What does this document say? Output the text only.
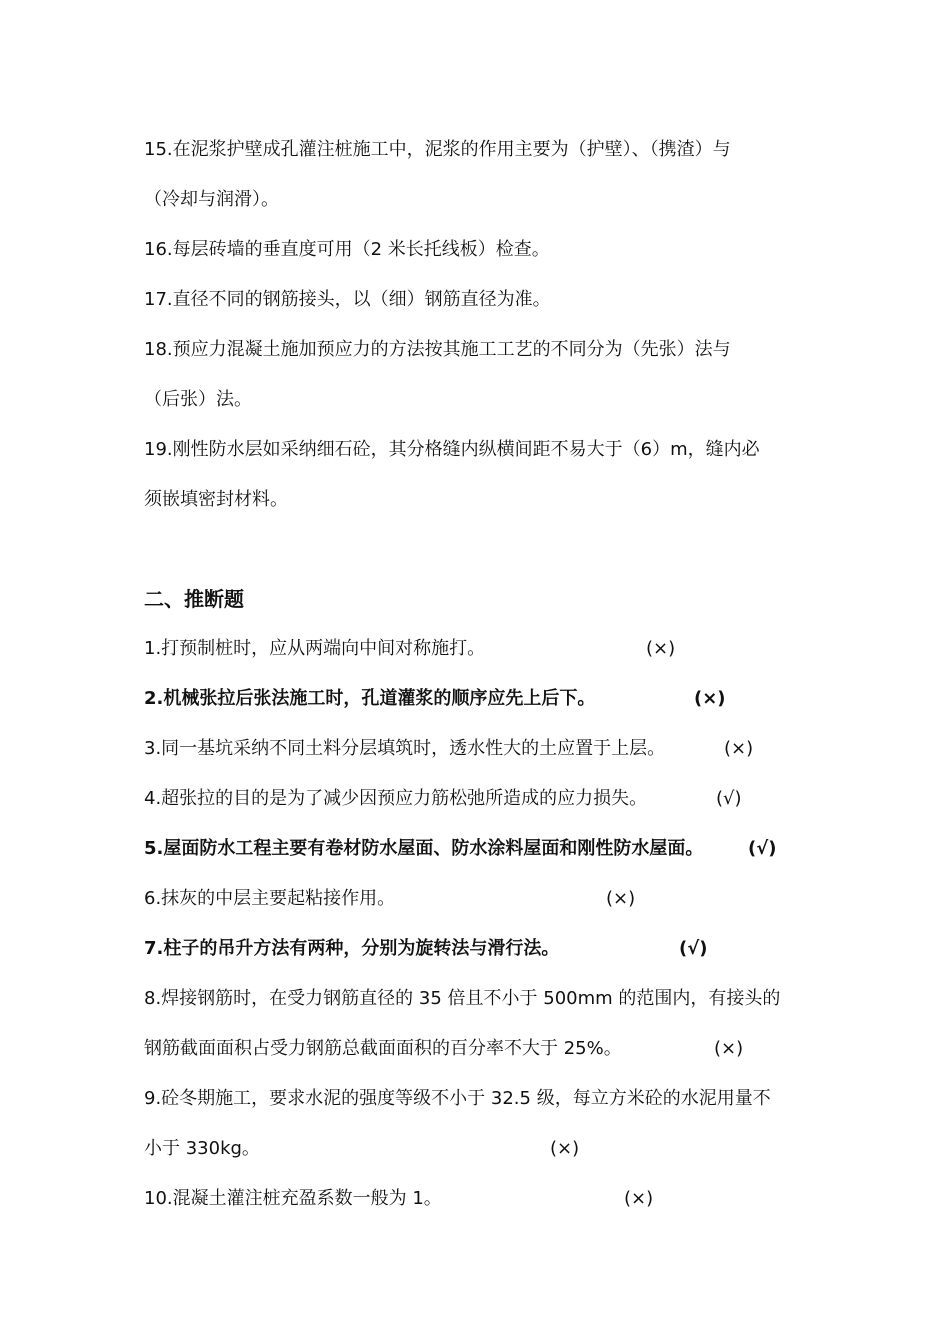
15.在泥浆护壁成孔灌注桩施工中，泥浆的作用主要为（护壁）、（携渣）与
（冷却与润滑）。
16.每层砖墙的垂直度可用（2 米长托线板）检查。
17.直径不同的钢筋接头，以（细）钢筋直径为准。
18.预应力混凝土施加预应力的方法按其施工工艺的不同分为（先张）法与
（后张）法。
19.刚性防水层如采纳细石砼，其分格缝内纵横间距不易大于（6）m，缝内必
须嵌填密封材料。
二、推断题
1.打预制桩时，应从两端向中间对称施打。	(×)
2.机械张拉后张法施工时，孔道灌浆的顺序应先上后下。	(×)
3.同一基坑采纳不同土料分层填筑时，透水性大的土应置于上层。	(×)
4.超张拉的目的是为了减少因预应力筋松弛所造成的应力损失。	(√)
5.屋面防水工程主要有卷材防水屋面、防水涂料屋面和刚性防水屋面。 (√)
6.抹灰的中层主要起粘接作用。	(×)
7.柱子的吊升方法有两种，分别为旋转法与滑行法。	(√)
8.焊接钢筋时，在受力钢筋直径的 35 倍且不小于 500mm 的范围内，有接头的
钢筋截面面积占受力钢筋总截面面积的百分率不大于 25%。	(×)
9.砼冬期施工，要求水泥的强度等级不小于 32.5 级，每立方米砼的水泥用量不
小于 330kg。	(×)
10.混凝土灌注桩充盈系数一般为 1。	(×)
